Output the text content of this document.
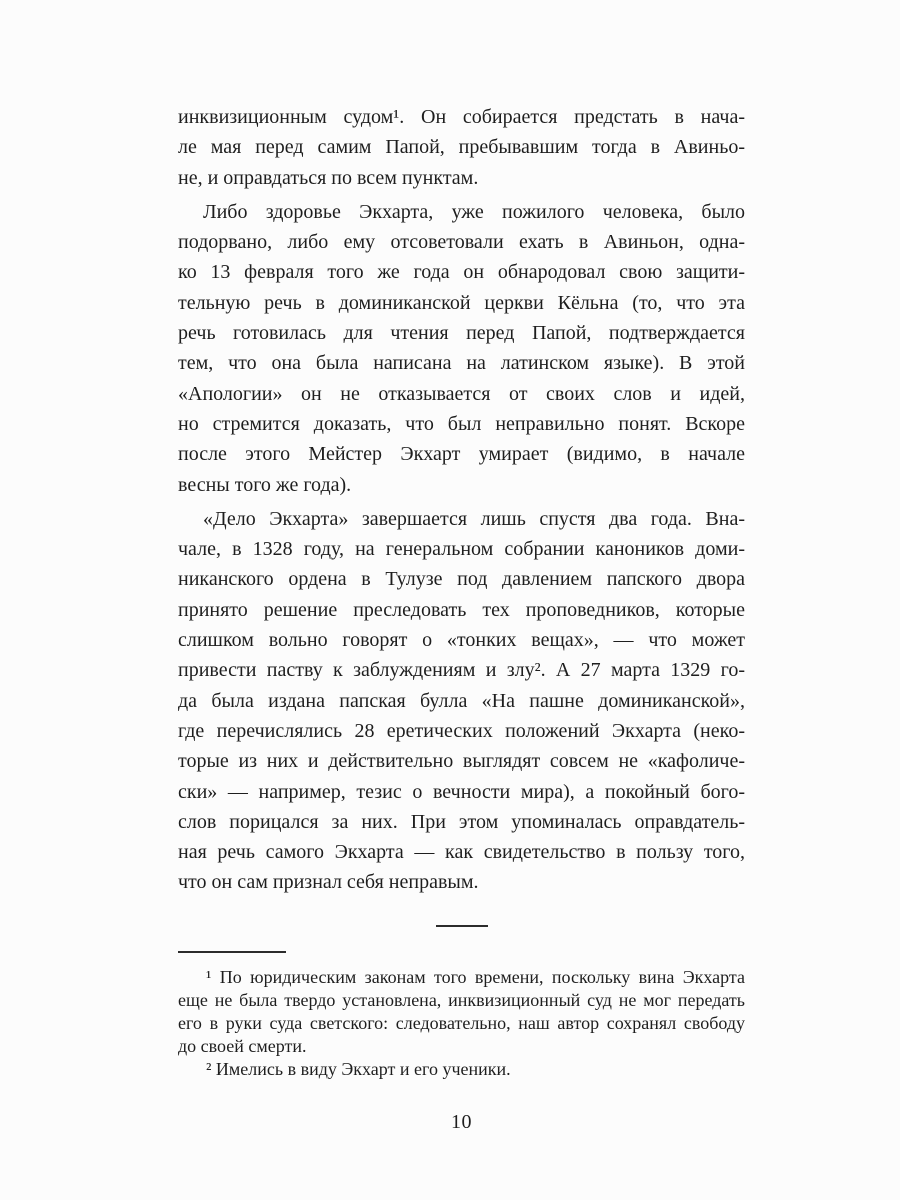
инквизиционным судом¹. Он собирается предстать в нача-
ле мая перед самим Папой, пребывавшим тогда в Авиньо-
не, и оправдаться по всем пунктам.
Либо здоровье Экхарта, уже пожилого человека, было
подорвано, либо ему отсоветовали ехать в Авиньон, одна-
ко 13 февраля того же года он обнародовал свою защити-
тельную речь в доминиканской церкви Кёльна (то, что эта
речь готовилась для чтения перед Папой, подтверждается
тем, что она была написана на латинском языке). В этой
«Апологии» он не отказывается от своих слов и идей,
но стремится доказать, что был неправильно понят. Вскоре
после этого Мейстер Экхарт умирает (видимо, в начале
весны того же года).
«Дело Экхарта» завершается лишь спустя два года. Вна-
чале, в 1328 году, на генеральном собрании каноников доми-
никанского ордена в Тулузе под давлением папского двора
принято решение преследовать тех проповедников, которые
слишком вольно говорят о «тонких вещах», — что может
привести паству к заблуждениям и злу². А 27 марта 1329 го-
да была издана папская булла «На пашне доминиканской»,
где перечислялись 28 еретических положений Экхарта (неко-
торые из них и действительно выглядят совсем не «кафоличе-
ски» — например, тезис о вечности мира), а покойный бого-
слов порицался за них. При этом упоминалась оправдатель-
ная речь самого Экхарта — как свидетельство в пользу того,
что он сам признал себя неправым.
¹ По юридическим законам того времени, поскольку вина Экхарта
еще не была твердо установлена, инквизиционный суд не мог передать
его в руки суда светского: следовательно, наш автор сохранял свободу
до своей смерти.
² Имелись в виду Экхарт и его ученики.
10
